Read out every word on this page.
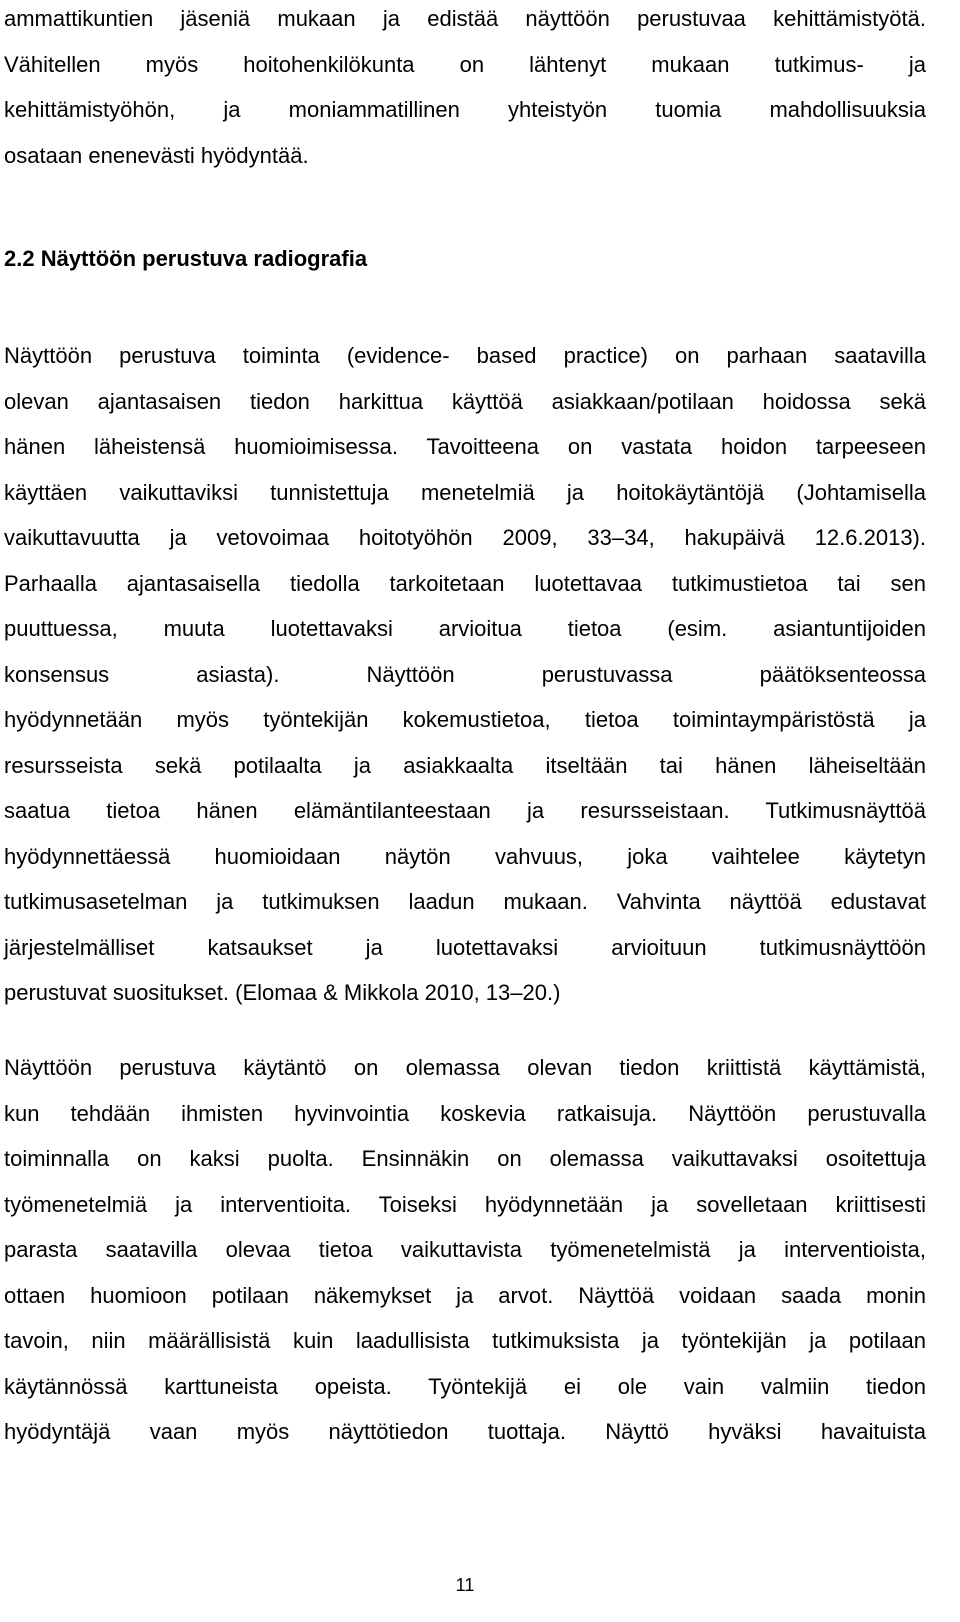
ammattikuntien jäseniä mukaan ja edistää näyttöön perustuvaa kehittämistyötä.
Vähitellen myös hoitohenkilökunta on lähtenyt mukaan tutkimus- ja
kehittämistyöhön, ja moniammatillinen yhteistyön tuomia mahdollisuuksia
osataan enenevästi hyödyntää.
2.2 Näyttöön perustuva radiografia
Näyttöön perustuva toiminta (evidence- based practice) on parhaan saatavilla
olevan ajantasaisen tiedon harkittua käyttöä asiakkaan/potilaan hoidossa sekä
hänen läheistensä huomioimisessa. Tavoitteena on vastata hoidon tarpeeseen
käyttäen vaikuttaviksi tunnistettuja menetelmiä ja hoitokäytäntöjä (Johtamisella
vaikuttavuutta ja vetovoimaa hoitotyöhön 2009, 33‒34, hakupäivä 12.6.2013).
Parhaalla ajantasaisella tiedolla tarkoitetaan luotettavaa tutkimustietoa tai sen
puuttuessa, muuta luotettavaksi arvioitua tietoa (esim. asiantuntijoiden
konsensus asiasta). Näyttöön perustuvassa päätöksenteossa
hyödynnetään myös työntekijän kokemustietoa, tietoa toimintaympäristöstä ja
resursseista sekä potilaalta ja asiakkaalta itseltään tai hänen läheiseltään
saatua tietoa hänen elämäntilanteestaan ja resursseistaan. Tutkimusnäyttöä
hyödynnettäessä huomioidaan näytön vahvuus, joka vaihtelee käytetyn
tutkimusasetelman ja tutkimuksen laadun mukaan. Vahvinta näyttöä edustavat
järjestelmälliset katsaukset ja luotettavaksi arvioituun tutkimusnäyttöön
perustuvat suositukset. (Elomaa & Mikkola 2010, 13‒20.)
Näyttöön perustuva käytäntö on olemassa olevan tiedon kriittistä käyttämistä,
kun tehdään ihmisten hyvinvointia koskevia ratkaisuja. Näyttöön perustuvalla
toiminnalla on kaksi puolta. Ensinnäkin on olemassa vaikuttavaksi osoitettuja
työmenetelmiä ja interventioita. Toiseksi hyödynnetään ja sovelletaan kriittisesti
parasta saatavilla olevaa tietoa vaikuttavista työmenetelmistä ja interventioista,
ottaen huomioon potilaan näkemykset ja arvot. Näyttöä voidaan saada monin
tavoin, niin määrällisistä kuin laadullisista tutkimuksista ja työntekijän ja potilaan
käytännössä karttuneista opeista. Työntekijä ei ole vain valmiin tiedon
hyödyntäjä vaan myös näyttötiedon tuottaja. Näyttö hyväksi havaituista
11
